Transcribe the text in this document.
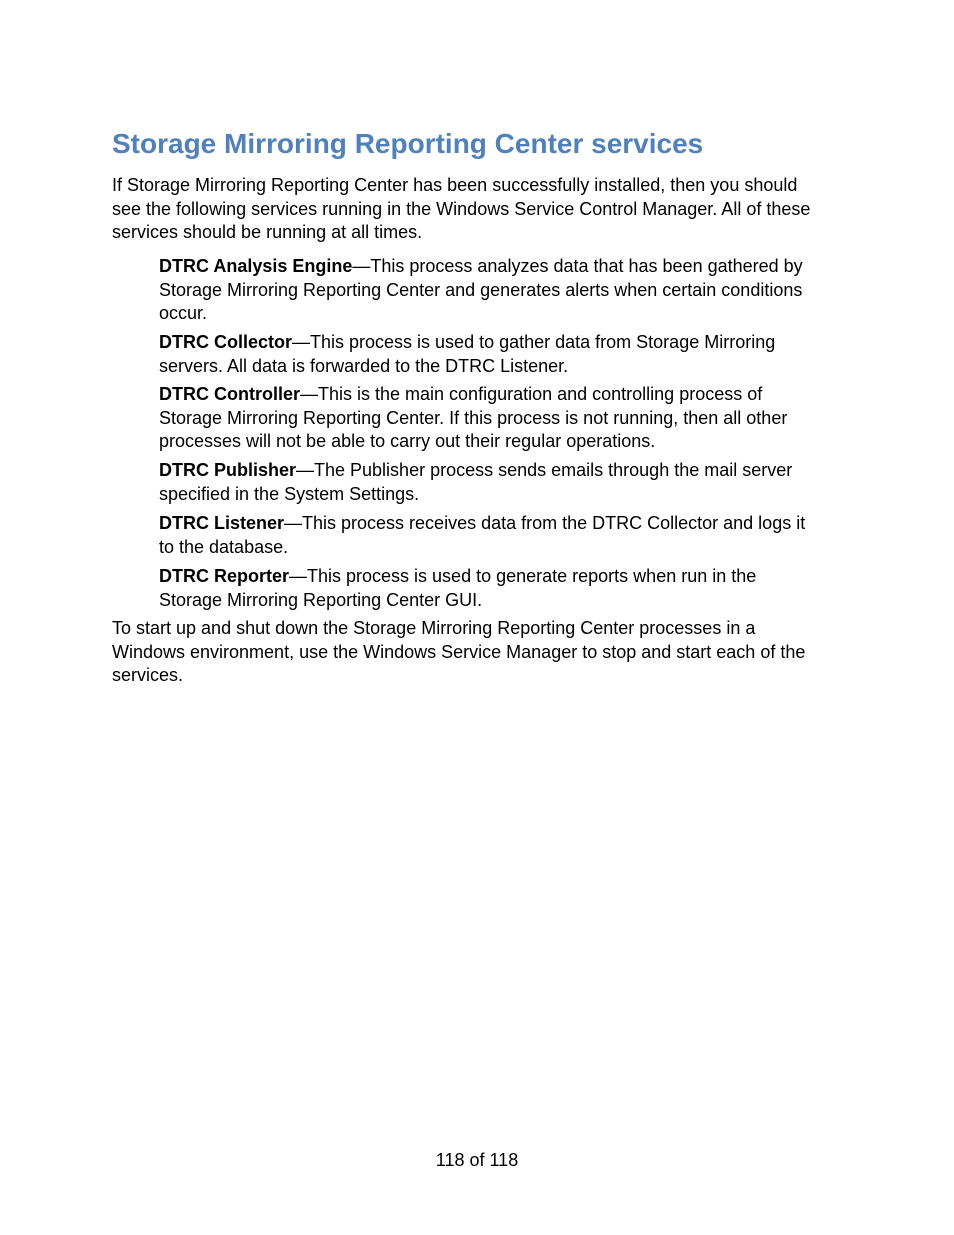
Storage Mirroring Reporting Center services

If Storage Mirroring Reporting Center has been successfully installed, then you should
see the following services running in the Windows Service Control Manager. All of these
services should be running at all times.

DTRC Analysis Engine—This process analyzes data that has been gathered by
Storage Mirroring Reporting Center and generates alerts when certain conditions
occur.

DTRC Collector—This process is used to gather data from Storage Mirroring
servers. All data is forwarded to the DTRC Listener.

DTRC Controller—This is the main configuration and controlling process of
Storage Mirroring Reporting Center. If this process is not running, then all other
processes will not be able to carry out their regular operations.

DTRC Publisher—The Publisher process sends emails through the mail server
specified in the System Settings.

DTRC Listener—This process receives data from the DTRC Collector and logs it
to the database.

DTRC Reporter—This process is used to generate reports when run in the
Storage Mirroring Reporting Center GUI.

To start up and shut down the Storage Mirroring Reporting Center processes in a
Windows environment, use the Windows Service Manager to stop and start each of the
services.

118 of 118
